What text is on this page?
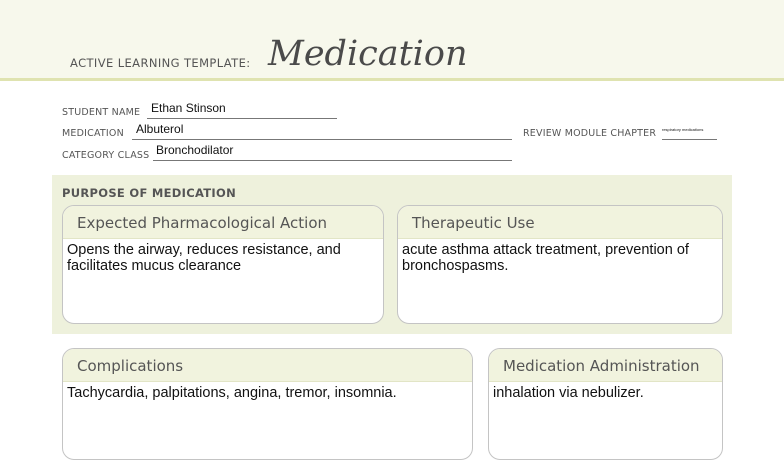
ACTIVE LEARNING TEMPLATE: Medication
STUDENT NAME Ethan Stinson
MEDICATION Albuterol	REVIEW MODULE CHAPTER respiratory medications
CATEGORY CLASS Bronchodilator
PURPOSE OF MEDICATION
Expected Pharmacological Action
Opens the airway, reduces resistance, and facilitates mucus clearance
Therapeutic Use
acute asthma attack treatment, prevention of bronchospasms.
Complications
Tachycardia, palpitations, angina, tremor, insomnia.
Medication Administration
inhalation via nebulizer.
